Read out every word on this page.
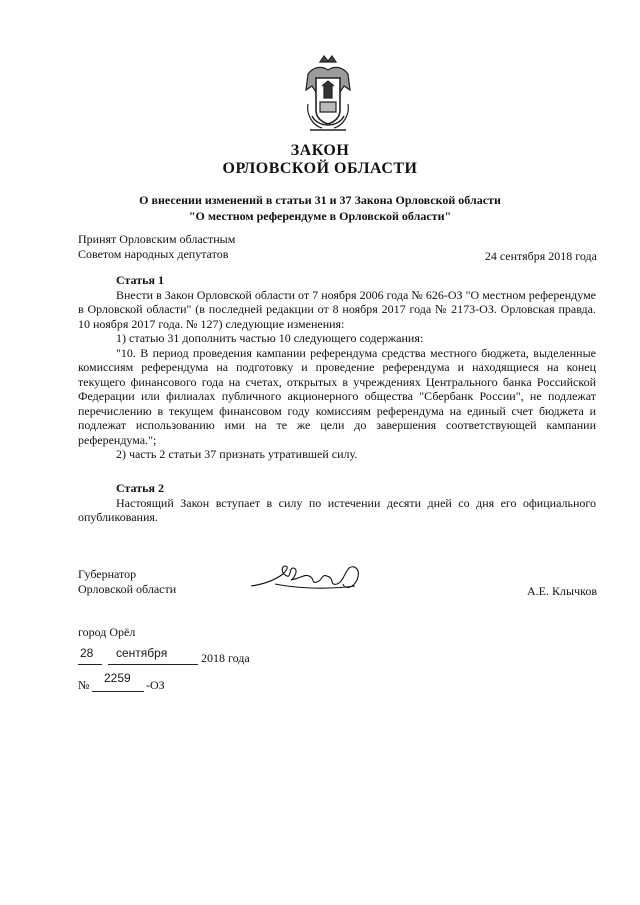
ЗАКОН
ОРЛОВСКОЙ ОБЛАСТИ
О внесении изменений в статьи 31 и 37 Закона Орловской области
"О местном референдуме в Орловской области"
Принят Орловским областным
Советом народных депутатов	24 сентября 2018 года

Статья 1

Внести в Закон Орловской области от 7 ноября 2006 года № 626-ОЗ "О местном референдуме в Орловской области" (в последней редакции от 8 ноября 2017 года № 2173-ОЗ. Орловская правда. 10 ноября 2017 года. № 127) следующие изменения:

1) статью 31 дополнить частью 10 следующего содержания:

"10. В период проведения кампании референдума средства местного бюджета, выделенные комиссиям референдума на подготовку и проведение референдума и находящиеся на конец текущего финансового года на счетах, открытых в учреждениях Центрального банка Российской Федерации или филиалах публичного акционерного общества "Сбербанк России", не подлежат перечислению в текущем финансовом году комиссиям референдума на единый счет бюджета и подлежат использованию ими на те же цели до завершения соответствующей кампании референдума.";

2) часть 2 статьи 37 признать утратившей силу.

Статья 2

Настоящий Закон вступает в силу по истечении десяти дней со дня его официального опубликования.

Губернатор
Орловской области	А.Е. Клычков
город Орёл
28 сентября	2018 года
№ 2259 -ОЗ
